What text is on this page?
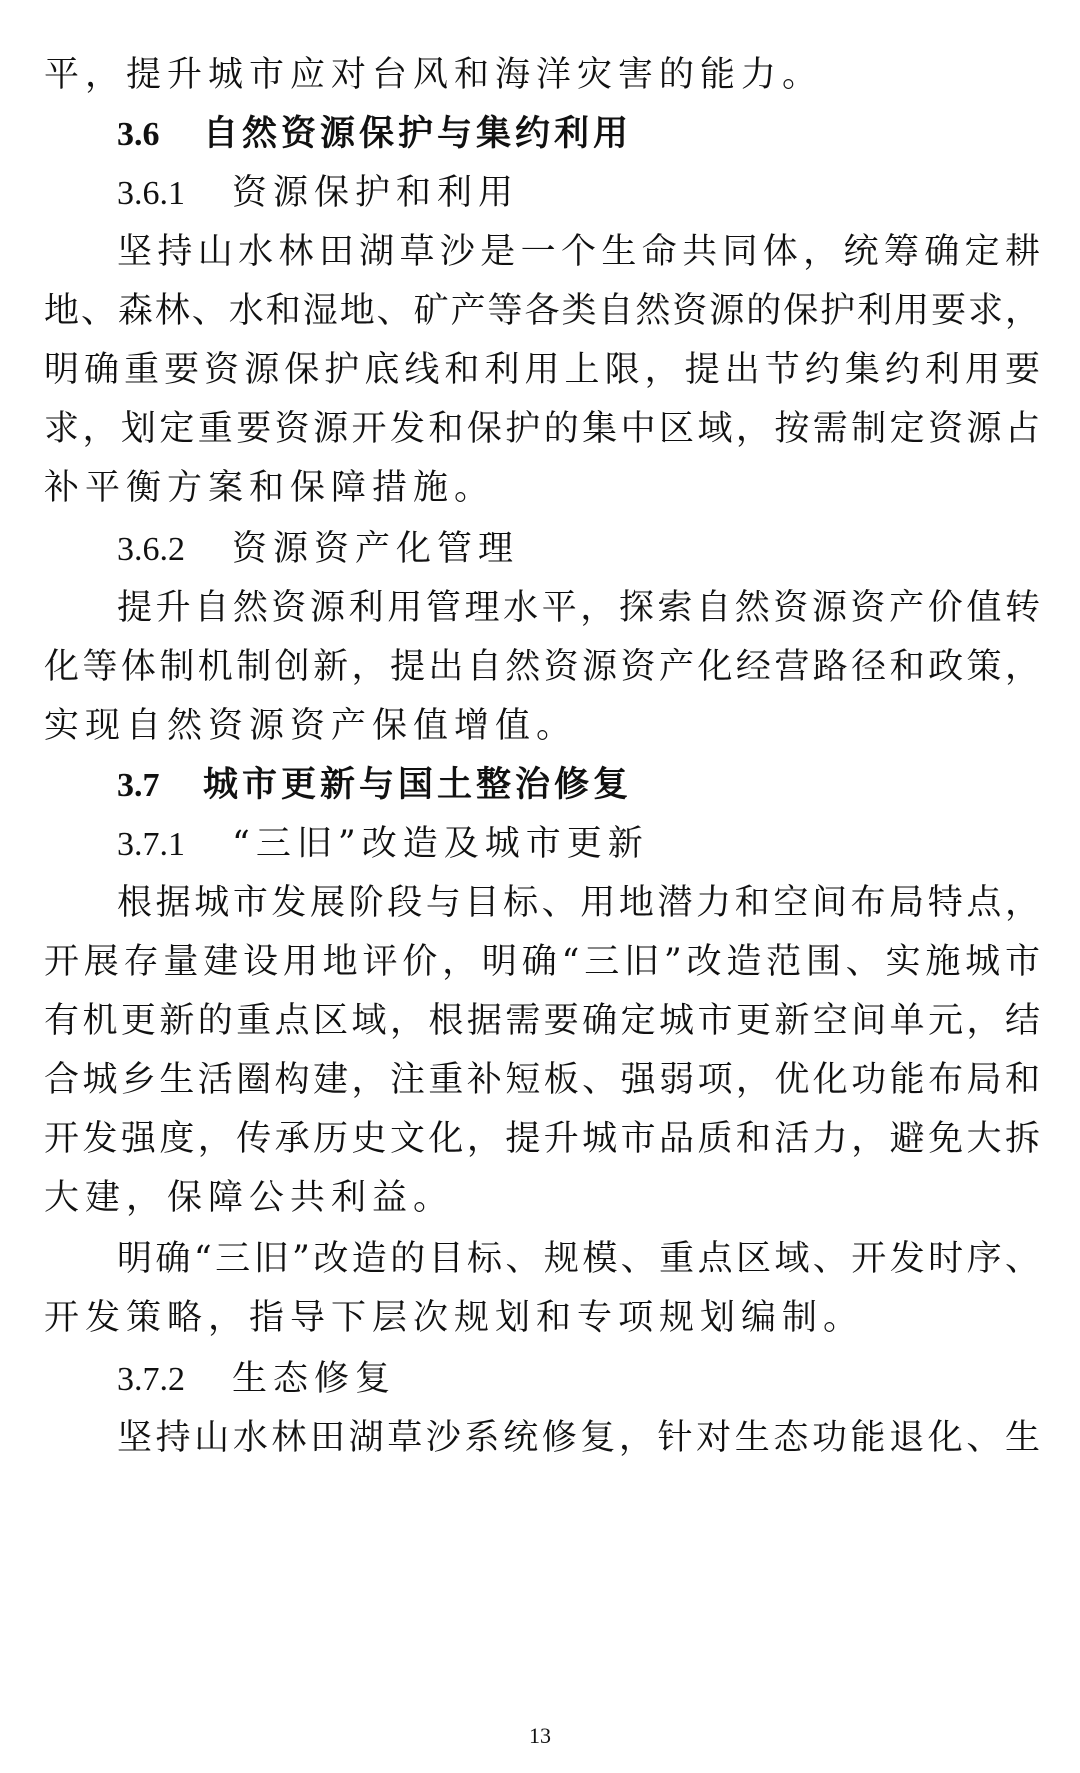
平，提升城市应对台风和海洋灾害的能力。
3.6 自然资源保护与集约利用
3.6.1 资源保护和利用
坚持山水林田湖草沙是一个生命共同体，统筹确定耕
地、森林、水和湿地、矿产等各类自然资源的保护利用要求，
明确重要资源保护底线和利用上限，提出节约集约利用要
求，划定重要资源开发和保护的集中区域，按需制定资源占
补平衡方案和保障措施。
3.6.2 资源资产化管理
提升自然资源利用管理水平，探索自然资源资产价值转
化等体制机制创新，提出自然资源资产化经营路径和政策，
实现自然资源资产保值增值。
3.7 城市更新与国土整治修复
3.7.1 “三旧”改造及城市更新
根据城市发展阶段与目标、用地潜力和空间布局特点，
开展存量建设用地评价，明确“三旧”改造范围、实施城市
有机更新的重点区域，根据需要确定城市更新空间单元，结
合城乡生活圈构建，注重补短板、强弱项，优化功能布局和
开发强度，传承历史文化，提升城市品质和活力，避免大拆
大建，保障公共利益。
明确“三旧”改造的目标、规模、重点区域、开发时序、
开发策略，指导下层次规划和专项规划编制。
3.7.2 生态修复
坚持山水林田湖草沙系统修复，针对生态功能退化、生
13
